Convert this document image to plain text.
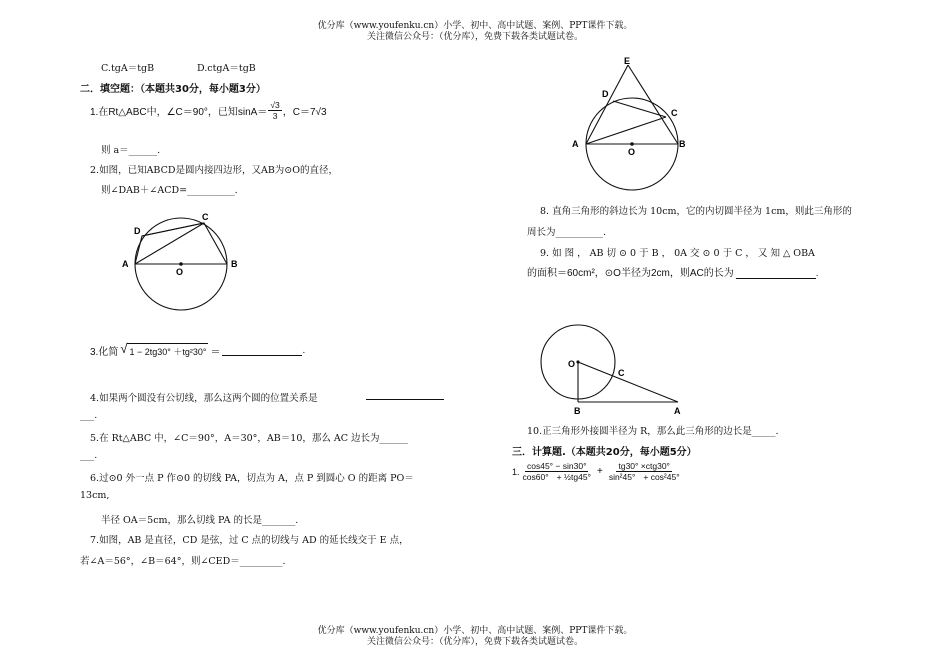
优分库（www.youfenku.cn）小学、初中、高中试题、案例、PPT课件下载。
关注微信公众号：（优分库），免费下载各类试题试卷。
C.tgA＝tgB	D.ctgA＝tgB
二．填空题：（本题共30分，每小题3分）
1.在Rt△ABC中，∠C＝90°，已知$\sin A= \frac{√3}{3}$ ，C＝7√3
则 a＝______.
2.如图，已知ABCD是圆内接四边形，又AB为⊙O的直径，
则∠DAB＋∠ACD=__________.
A	B
C
D
O
3.化简 √ 1 − 2tg30° ＋tg²30° ＝	.
4.如果两个圆没有公切线，那么这两个圆的位置关系是
___.
5.在 Rt△ABC 中，∠C＝90°，A＝30°，AB＝10，那么 AC 边长为______
___.
6.过⊙0 外一点 P 作⊙0 的切线 PA，切点为 A，点 P 到圆心 O 的距离 PO＝
13cm,
半径 OA＝5cm，那么切线 PA 的长是_______.
7.如图，AB 是直径，CD 是弦，过 C 点的切线与 AD 的延长线交于 E 点，
若∠A＝56°，∠B＝64°，则∠CED＝_________.
E
D
C
A	B
O
8. 直角三角形的斜边长为 10cm，它的内切圆半径为 1cm，则此三角形的
周长为__________.
9. 如 图 ， AB 切 ⊙ 0 于 B ， 0A 交 ⊙ 0 于 C ， 又 知 △ OBA
的面积＝60cm²，⊙O半径为2cm，则AC的长为	.
O
B
C
A
10.正三角形外接圆半径为 R，那么此三角形的边长是_____.
三．计算题.（本题共20分，每小题5分）
1. $\frac{\cos 45^\circ - \sin 30^\circ}{\text{cos60° + ½tg45°}} + \frac{\text{tg30° ×ctg30°}}{\text{sin²45° + cos²45°}}$
优分库（www.youfenku.cn）小学、初中、高中试题、案例、PPT课件下载。
关注微信公众号：（优分库），免费下载各类试题试卷。
